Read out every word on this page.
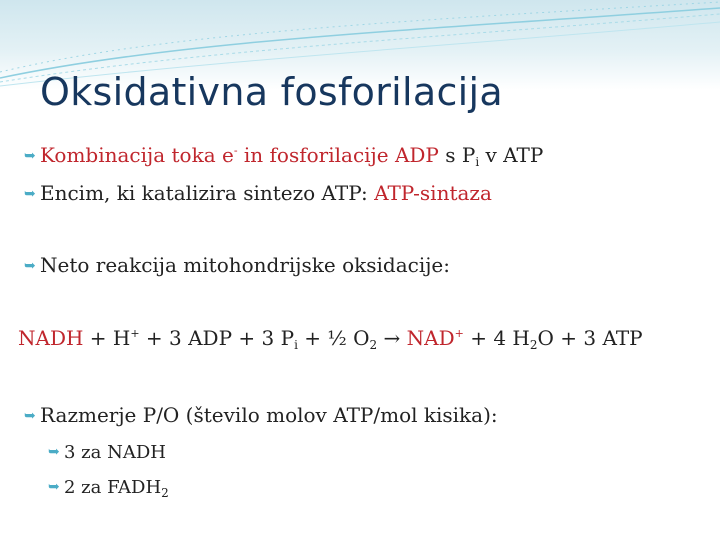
Oksidativna fosforilacija
➥ Kombinacija toka e- in fosforilacije ADP s $P_i$ v ATP
➥ Encim, ki katalizira sintezo ATP: ATP-sintaza
➥ Neto reakcija mitohondrijske oksidacije:
NADH + H+ + 3 ADP + 3 $P_i$ + ½ $O_2 \to NAD^+ + 4$ $H_2O + 3$ ATP
➥ Razmerje P/O (število molov ATP/mol kisika):
➥ 3 za NADH
➥ 2 za $FADH_2$
